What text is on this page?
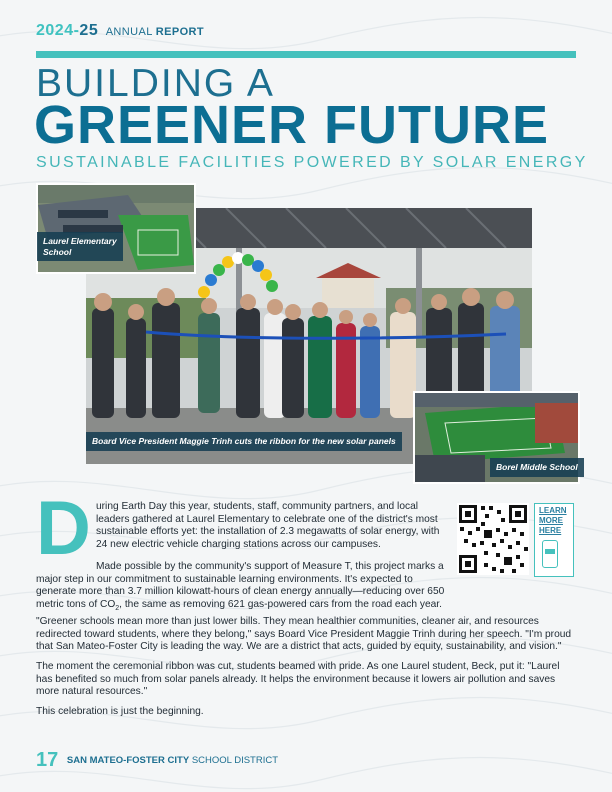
2024-25 ANNUAL REPORT
BUILDING A
GREENER FUTURE
SUSTAINABLE FACILITIES POWERED BY SOLAR ENERGY
Laurel Elementary School
Board Vice President Maggie Trinh cuts the ribbon for the new solar panels
Borel Middle School
D uring Earth Day this year, students, staff, community partners, and local leaders gathered at Laurel Elementary to celebrate one of the district's most sustainable efforts yet: the installation of 2.3 megawatts of solar energy, with 24 new electric vehicle charging stations across our campuses.
Made possible by the community's support of Measure T, this project marks a major step in our commitment to sustainable learning environments. It's expected to generate more than 3.7 million kilowatt-hours of clean energy annually—reducing over 650 metric tons of $CO_2$, the same as removing 621 gas-powered cars from the road each year.
"Greener schools mean more than just lower bills. They mean healthier communities, cleaner air, and resources redirected toward students, where they belong," says Board Vice President Maggie Trinh during her speech. "I'm proud that San Mateo-Foster City is leading the way. We are a district that acts, guided by equity, sustainability, and vision."
The moment the ceremonial ribbon was cut, students beamed with pride. As one Laurel student, Beck, put it: "Laurel has benefited so much from solar panels already. It helps the environment because it lowers air pollution and saves more natural resources."
This celebration is just the beginning.
LEARN
MORE
HERE
17 SAN MATEO-FOSTER CITY SCHOOL DISTRICT
